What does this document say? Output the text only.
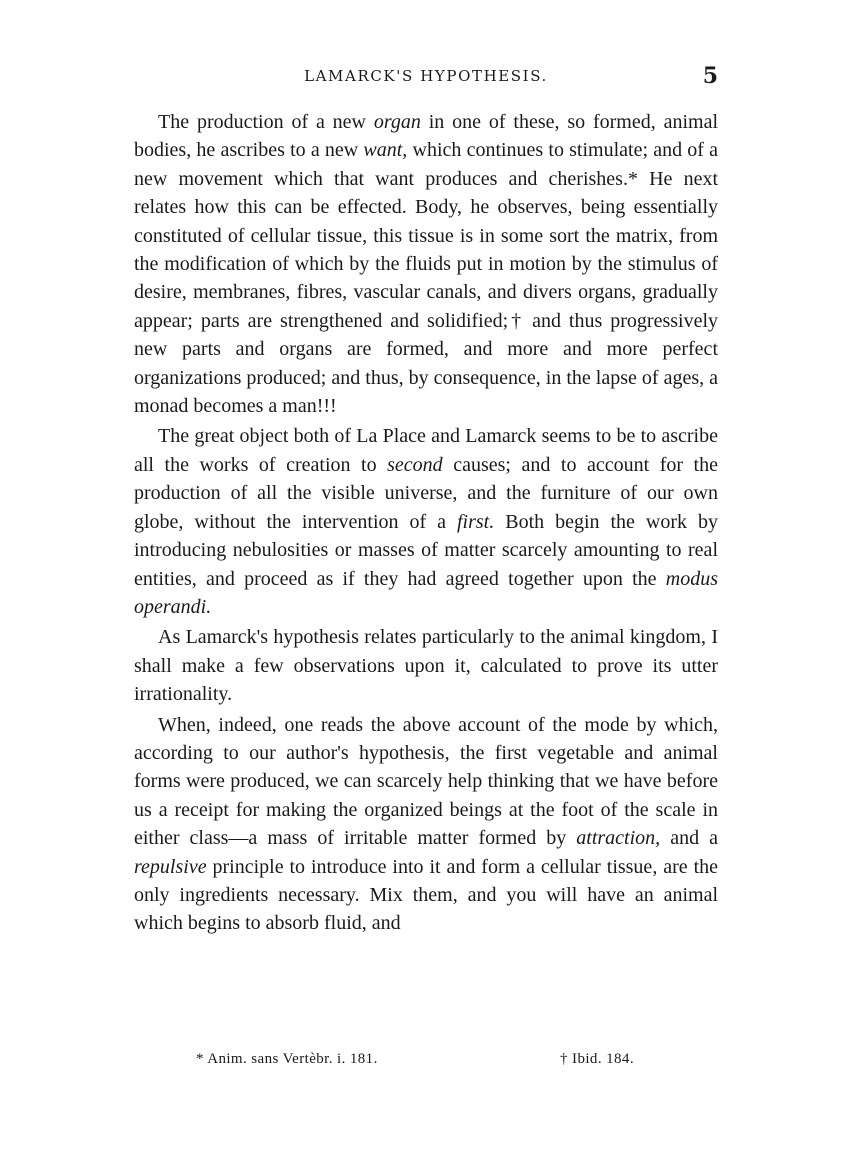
LAMARCK'S HYPOTHESIS.	5

The production of a new organ in one of these, so formed, animal bodies, he ascribes to a new want, which continues to stimulate; and of a new movement which that want produces and cherishes.* He next relates how this can be effected. Body, he observes, being essentially constituted of cellular tissue, this tissue is in some sort the matrix, from the modification of which by the fluids put in motion by the stimulus of desire, membranes, fibres, vascular canals, and divers organs, gradually appear; parts are strengthened and solidified;† and thus progressively new parts and organs are formed, and more and more perfect organizations produced; and thus, by consequence, in the lapse of ages, a monad becomes a man!!!

The great object both of La Place and Lamarck seems to be to ascribe all the works of creation to second causes; and to account for the production of all the visible universe, and the furniture of our own globe, without the intervention of a first. Both begin the work by introducing nebulosities or masses of matter scarcely amounting to real entities, and proceed as if they had agreed together upon the modus operandi.

As Lamarck's hypothesis relates particularly to the animal kingdom, I shall make a few observations upon it, calculated to prove its utter irrationality.

When, indeed, one reads the above account of the mode by which, according to our author's hypothesis, the first vegetable and animal forms were produced, we can scarcely help thinking that we have before us a receipt for making the organized beings at the foot of the scale in either class—a mass of irritable matter formed by attraction, and a repulsive principle to introduce into it and form a cellular tissue, are the only ingredients necessary. Mix them, and you will have an animal which begins to absorb fluid, and

* Anim. sans Vertèbr. i. 181.	† Ibid. 184.
